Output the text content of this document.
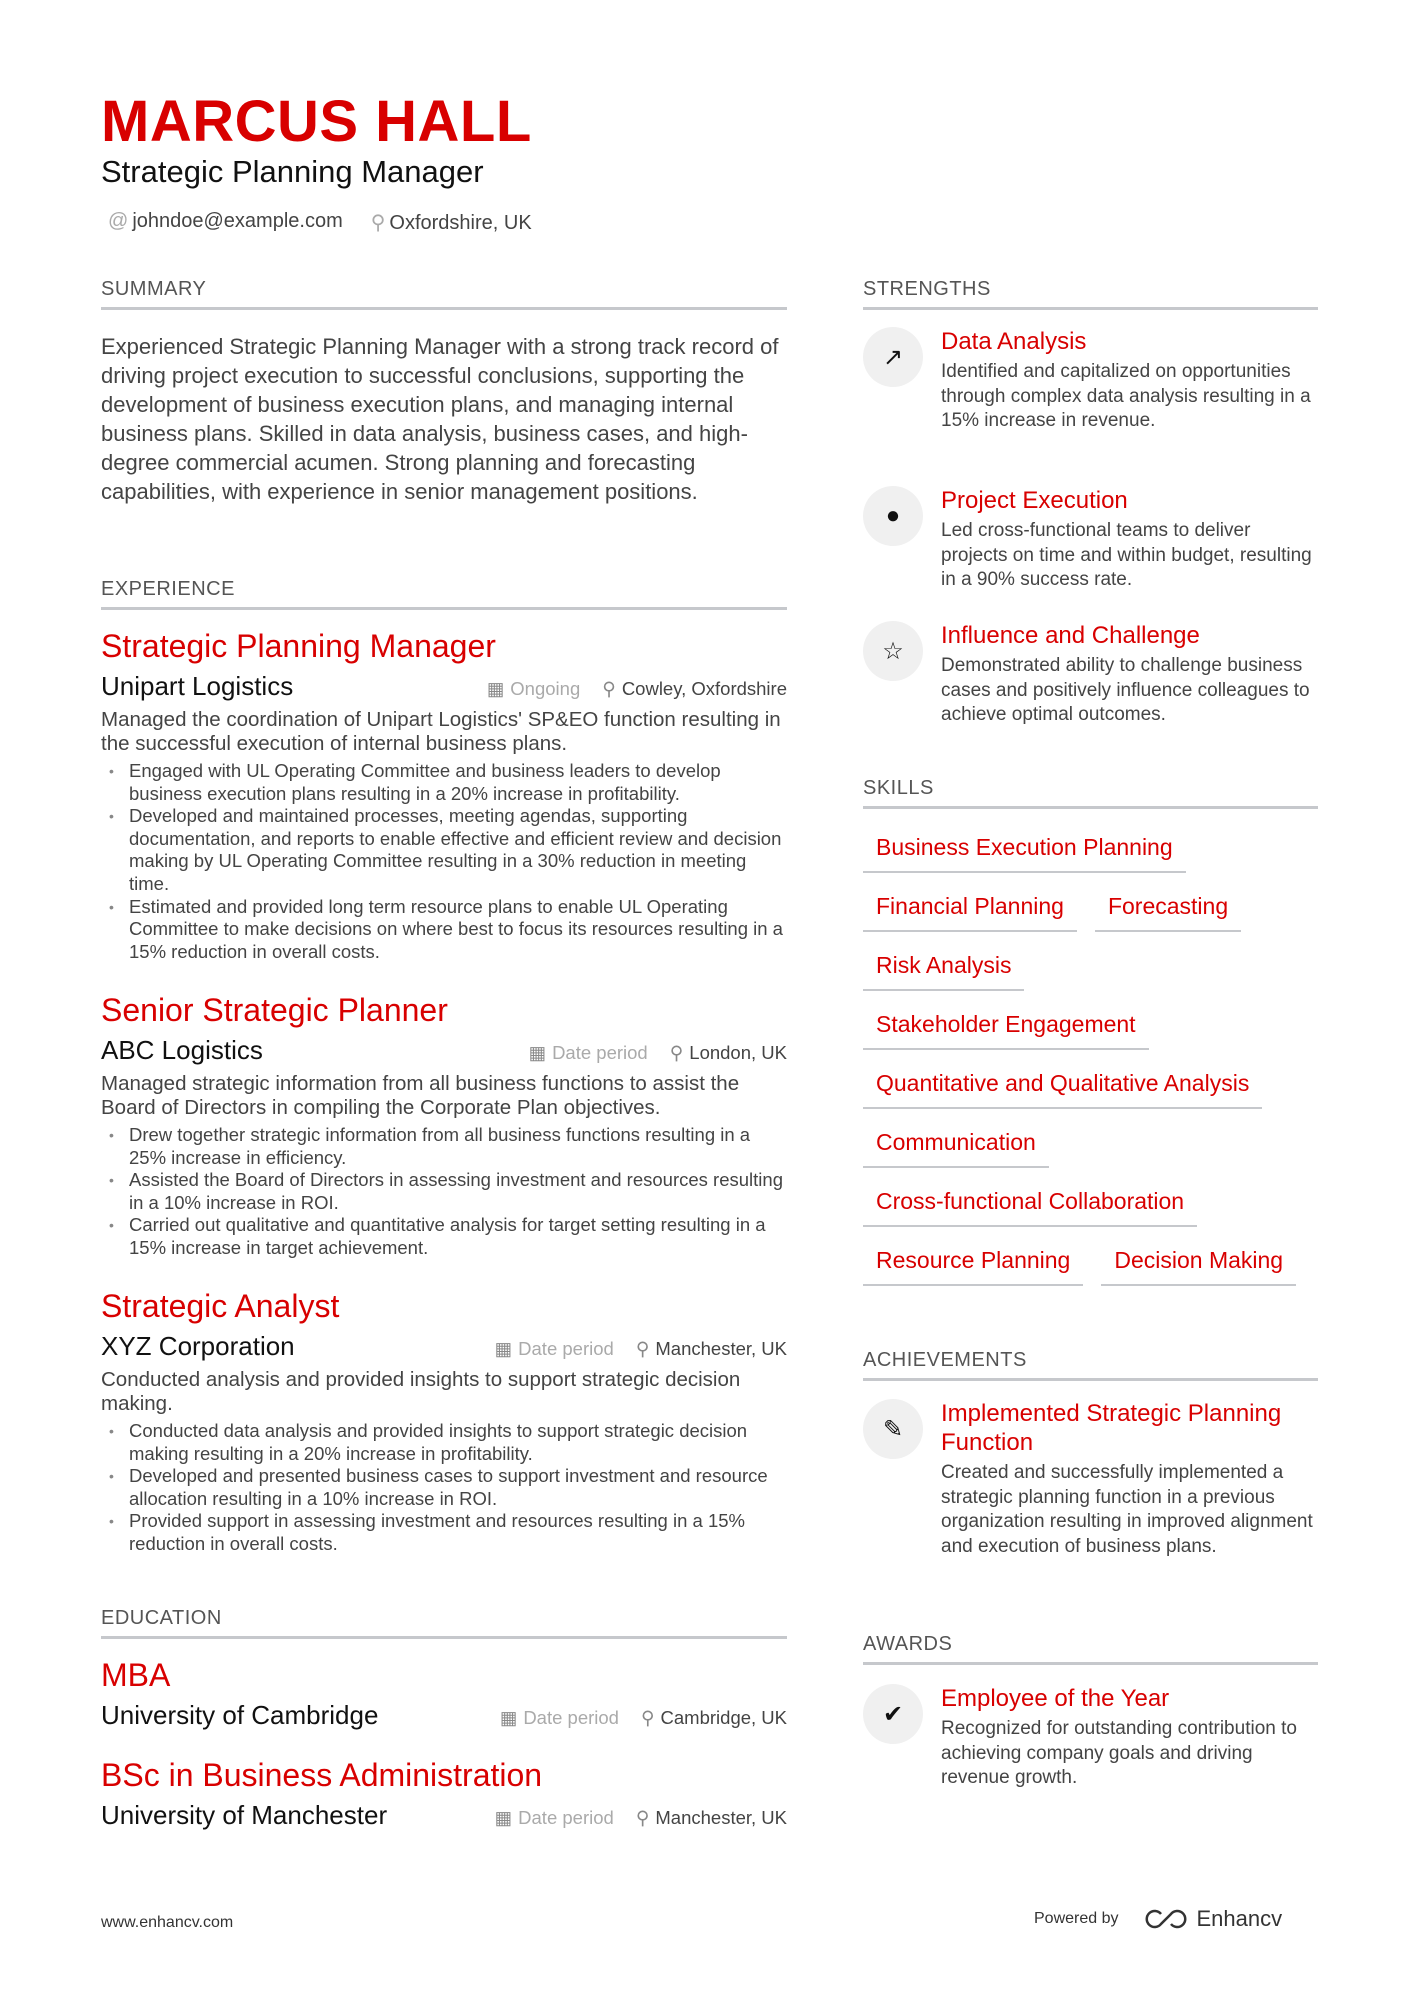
MARCUS HALL
Strategic Planning Manager
@ johndoe@example.com ⚲ Oxfordshire, UK
SUMMARY
Experienced Strategic Planning Manager with a strong track record of driving project execution to successful conclusions, supporting the development of business execution plans, and managing internal business plans. Skilled in data analysis, business cases, and high-degree commercial acumen. Strong planning and forecasting capabilities, with experience in senior management positions.
EXPERIENCE
Strategic Planning Manager
Unipart Logistics	▦ Ongoing ⚲ Cowley, Oxfordshire
Managed the coordination of Unipart Logistics' SP&EO function resulting in the successful execution of internal business plans.
• Engaged with UL Operating Committee and business leaders to develop business execution plans resulting in a 20% increase in profitability.
• Developed and maintained processes, meeting agendas, supporting documentation, and reports to enable effective and efficient review and decision making by UL Operating Committee resulting in a 30% reduction in meeting time.
• Estimated and provided long term resource plans to enable UL Operating Committee to make decisions on where best to focus its resources resulting in a 15% reduction in overall costs.
Senior Strategic Planner
ABC Logistics	▦ Date period ⚲ London, UK
Managed strategic information from all business functions to assist the Board of Directors in compiling the Corporate Plan objectives.
• Drew together strategic information from all business functions resulting in a 25% increase in efficiency.
• Assisted the Board of Directors in assessing investment and resources resulting in a 10% increase in ROI.
• Carried out qualitative and quantitative analysis for target setting resulting in a 15% increase in target achievement.
Strategic Analyst
XYZ Corporation	▦ Date period ⚲ Manchester, UK
Conducted analysis and provided insights to support strategic decision making.
• Conducted data analysis and provided insights to support strategic decision making resulting in a 20% increase in profitability.
• Developed and presented business cases to support investment and resource allocation resulting in a 10% increase in ROI.
• Provided support in assessing investment and resources resulting in a 15% reduction in overall costs.
EDUCATION
MBA
University of Cambridge	▦ Date period ⚲ Cambridge, UK
BSc in Business Administration
University of Manchester	▦ Date period ⚲ Manchester, UK
STRENGTHS
↗
Data Analysis
Identified and capitalized on opportunities through complex data analysis resulting in a 15% increase in revenue.
●
Project Execution
Led cross-functional teams to deliver projects on time and within budget, resulting in a 90% success rate.
☆
Influence and Challenge
Demonstrated ability to challenge business cases and positively influence colleagues to achieve optimal outcomes.
SKILLS
Business Execution Planning
Financial Planning	Forecasting
Risk Analysis
Stakeholder Engagement
Quantitative and Qualitative Analysis
Communication
Cross-functional Collaboration
Resource Planning	Decision Making
ACHIEVEMENTS
✎
Implemented Strategic Planning Function
Created and successfully implemented a strategic planning function in a previous organization resulting in improved alignment and execution of business plans.
AWARDS
✔
Employee of the Year
Recognized for outstanding contribution to achieving company goals and driving revenue growth.
www.enhancv.com	Powered by	Enhancv
